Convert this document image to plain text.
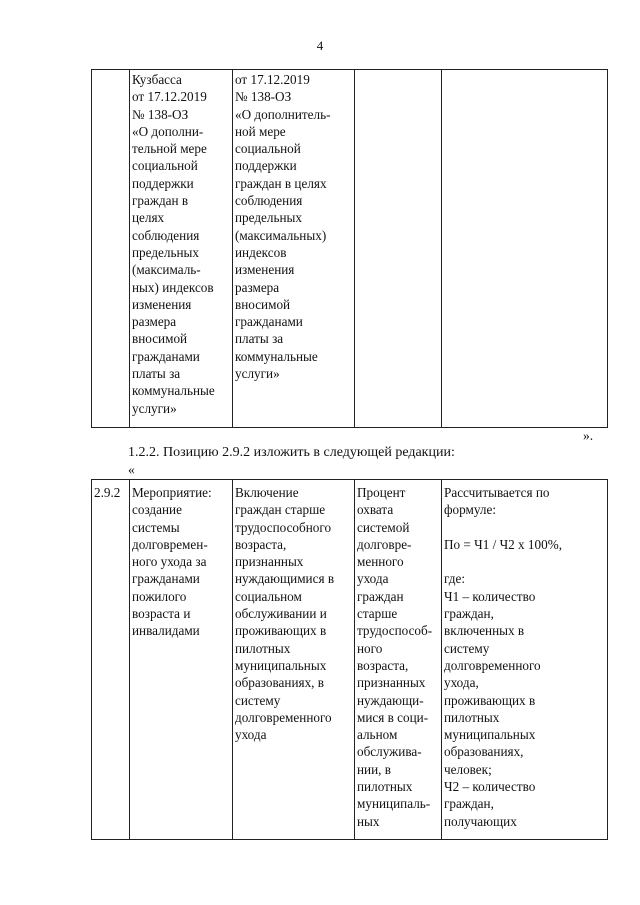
4
	Кузбасса
от 17.12.2019
№ 138-ОЗ
«О дополни-
тельной мере
социальной
поддержки
граждан в
целях
соблюдения
предельных
(максималь-
ных) индексов
изменения
размера
вносимой
гражданами
платы за
коммунальные
услуги»	от 17.12.2019
№ 138-ОЗ
«О дополнитель-
ной мере
социальной
поддержки
граждан в целях
соблюдения
предельных
(максимальных)
индексов
изменения
размера
вносимой
гражданами
платы за
коммунальные
услуги»		
».
1.2.2. Позицию 2.9.2 изложить в следующей редакции:
«
2.9.2	Мероприятие:
создание
системы
долговремен-
ного ухода за
гражданами
пожилого
возраста и
инвалидами	Включение
граждан старше
трудоспособного
возраста,
признанных
нуждающимися в
социальном
обслуживании и
проживающих в
пилотных
муниципальных
образованиях, в
систему
долговременного
ухода	Процент
охвата
системой
долговре-
менного
ухода
граждан
старше
трудоспособ-
ного
возраста,
признанных
нуждающи-
мися в соци-
альном
обслужива-
нии, в
пилотных
муниципаль-
ных	Рассчитывается по
формуле:

По = Ч1 / Ч2 x 100%,

где:
Ч1 – количество
граждан,
включенных в
систему
долговременного
ухода,
проживающих в
пилотных
муниципальных
образованиях,
человек;
Ч2 – количество
граждан,
получающих
